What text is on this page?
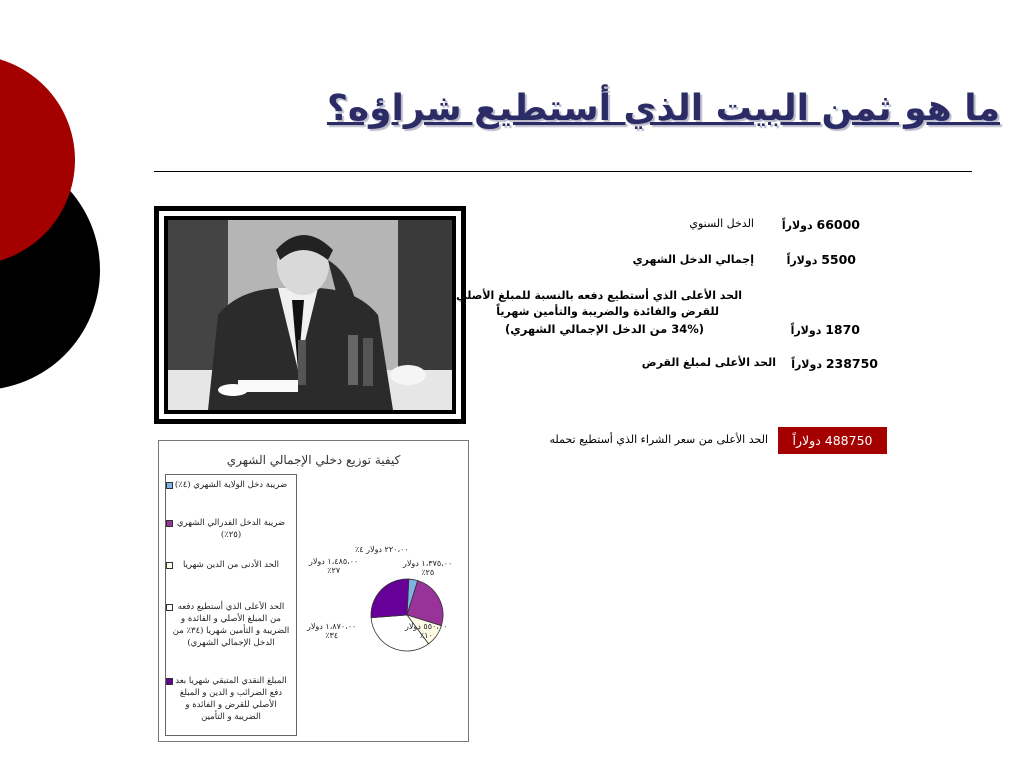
ما هو ثمن البيت الذي أستطيع شراؤه؟
66000 دولاراً
الدخل السنوي
5500 دولاراً
إجمالي الدخل الشهري
الحد الأعلى الذي أستطيع دفعه بالنسبة للمبلغ الأصلي
للقرض والفائدة والضريبة والتأمين شهرياً
1870 دولاراً
(34% من الدخل الإجمالي الشهري)
238750 دولاراً
الحد الأعلى لمبلغ القرض
الحد الأعلى من سعر الشراء الذي أستطيع تحمله	488750
دولاراً
كيفية توزيع دخلي الإجمالي الشهري
ضريبة دخل الولاية الشهري (٤٪)
ضريبة الدخل الفدرالي الشهري (٢٥٪)
الحد الأدنى من الدين شهريا
الحد الأعلى الذي أستطيع دفعه من المبلغ الأصلي و الفائدة و الضريبة و التأمين شهريا (٣٤٪ من الدخل الإجمالي الشهري)
المبلغ النقدي المتبقي شهريا بعد دفع الضرائب و الدين و المبلغ الأصلي للقرض و الفائدة و الضريبة و التأمين
٢٢٠،٠٠ دولار ٤٪
١،٣٧٥،٠٠ دولار
٢٥٪
٥٥٠،٠٠ دولار
١٠٪
١،٨٧٠،٠٠ دولار
٣٤٪
١،٤٨٥،٠٠ دولار
٢٧٪
